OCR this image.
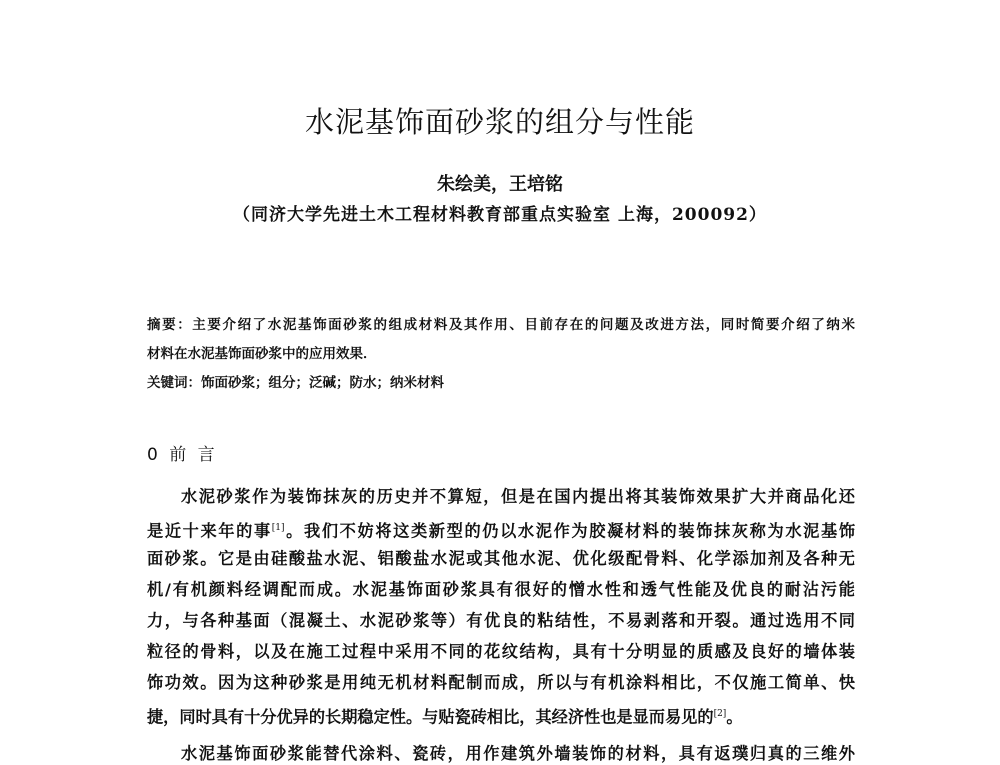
水泥基饰面砂浆的组分与性能
朱绘美，王培铭
（同济大学先进土木工程材料教育部重点实验室 上海，200092）
摘要：主要介绍了水泥基饰面砂浆的组成材料及其作用、目前存在的问题及改进方法，同时简要介绍了纳米
材料在水泥基饰面砂浆中的应用效果．
关键词：饰面砂浆；组分；泛碱；防水；纳米材料
0 前 言
水泥砂浆作为装饰抹灰的历史并不算短，但是在国内提出将其装饰效果扩大并商品化还
是近十来年的事[1]。我们不妨将这类新型的仍以水泥作为胶凝材料的装饰抹灰称为水泥基饰
面砂浆。它是由硅酸盐水泥、铝酸盐水泥或其他水泥、优化级配骨料、化学添加剂及各种无
机/有机颜料经调配而成。水泥基饰面砂浆具有很好的憎水性和透气性能及优良的耐沾污能
力，与各种基面（混凝土、水泥砂浆等）有优良的粘结性，不易剥落和开裂。通过选用不同
粒径的骨料，以及在施工过程中采用不同的花纹结构，具有十分明显的质感及良好的墙体装
饰功效。因为这种砂浆是用纯无机材料配制而成，所以与有机涂料相比，不仅施工简单、快
捷，同时具有十分优异的长期稳定性。与贴瓷砖相比，其经济性也是显而易见的[2]。
水泥基饰面砂浆能替代涂料、瓷砖，用作建筑外墙装饰的材料，具有返璞归真的三维外
